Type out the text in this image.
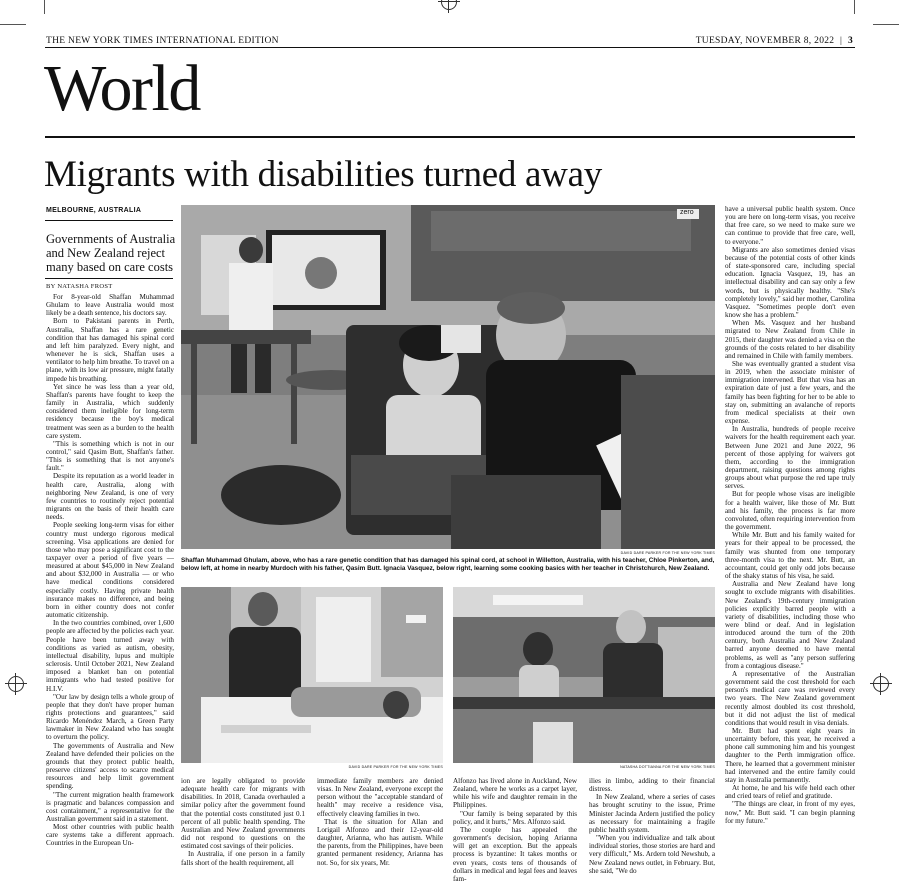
THE NEW YORK TIMES INTERNATIONAL EDITION	TUESDAY, NOVEMBER 8, 2022 | 3
World
Migrants with disabilities turned away
MELBOURNE, AUSTRALIA
Governments of Australia and New Zealand reject many based on care costs
BY NATASHA FROST

For 8-year-old Shaffan Muhammad Ghulam to leave Australia would most likely be a death sentence, his doctors say.

Born to Pakistani parents in Perth, Australia, Shaffan has a rare genetic condition that has damaged his spinal cord and left him paralyzed. Every night, and whenever he is sick, Shaffan uses a ventilator to help him breathe. To travel on a plane, with its low air pressure, might fatally impede his breathing.

Yet since he was less than a year old, Shaffan's parents have fought to keep the family in Australia, which suddenly considered them ineligible for long-term residency because the boy's medical treatment was seen as a burden to the health care system.

"This is something which is not in our control," said Qasim Butt, Shaffan's father. "This is something that is not anyone's fault."

Despite its reputation as a world leader in health care, Australia, along with neighboring New Zealand, is one of very few countries to routinely reject potential migrants on the basis of their health care needs.

People seeking long-term visas for either country must undergo rigorous medical screening. Visa applications are denied for those who may pose a significant cost to the taxpayer over a period of five years — measured at about $45,000 in New Zealand and about $32,000 in Australia — or who have medical conditions considered especially costly. Having private health insurance makes no difference, and being born in either country does not confer automatic citizenship.

In the two countries combined, over 1,600 people are affected by the policies each year. People have been turned away with conditions as varied as autism, obesity, intellectual disability, lupus and multiple sclerosis. Until October 2021, New Zealand imposed a blanket ban on potential immigrants who had tested positive for H.I.V.

"Our law by design tells a whole group of people that they don't have proper human rights protections and guarantees," said Ricardo Menéndez March, a Green Party lawmaker in New Zealand who has sought to overturn the policy.

The governments of Australia and New Zealand have defended their policies on the grounds that they protect public health, preserve citizens' access to scarce medical resources and help limit government spending.

"The current migration health framework is pragmatic and balances compassion and cost containment," a representative for the Australian government said in a statement.

Most other countries with public health care systems take a different approach. Countries in the European Un-

zero
DAVID DARE PARKER FOR THE NEW YORK TIMES
Shaffan Muhammad Ghulam, above, who has a rare genetic condition that has damaged his spinal cord, at school in Willetton, Australia, with his teacher, Chloe Pinkerton, and, below left, at home in nearby Murdoch with his father, Qasim Butt. Ignacia Vasquez, below right, learning some cooking basics with her teacher in Christchurch, New Zealand.
DAVID DARE PARKER FOR THE NEW YORK TIMES	NATASHA DOTTIANNA FOR THE NEW YORK TIMES

ion are legally obligated to provide adequate health care for migrants with disabilities. In 2018, Canada overhauled a similar policy after the government found that the potential costs constituted just 0.1 percent of all public health spending. The Australian and New Zealand governments did not respond to questions on the estimated cost savings of their policies.

In Australia, if one person in a family falls short of the health requirement, all

immediate family members are denied visas. In New Zealand, everyone except the person without the "acceptable standard of health" may receive a residence visa, effectively cleaving families in two.

That is the situation for Allan and Lorigail Alfonzo and their 12-year-old daughter, Arianna, who has autism. While the parents, from the Philippines, have been granted permanent residency, Arianna has not. So, for six years, Mr.

Alfonzo has lived alone in Auckland, New Zealand, where he works as a carpet layer, while his wife and daughter remain in the Philippines.

"Our family is being separated by this policy, and it hurts," Mrs. Alfonzo said.

The couple has appealed the government's decision, hoping Arianna will get an exception. But the appeals process is byzantine: It takes months or even years, costs tens of thousands of dollars in medical and legal fees and leaves fam-

ilies in limbo, adding to their financial distress.

In New Zealand, where a series of cases has brought scrutiny to the issue, Prime Minister Jacinda Ardern justified the policy as necessary for maintaining a fragile public health system.

"When you individualize and talk about individual stories, those stories are hard and very difficult," Ms. Ardern told Newshub, a New Zealand news outlet, in February. But, she said, "We do

have a universal public health system. Once you are here on long-term visas, you receive that free care, so we need to make sure we can continue to provide that free care, well, to everyone."

Migrants are also sometimes denied visas because of the potential costs of other kinds of state-sponsored care, including special education. Ignacia Vasquez, 19, has an intellectual disability and can say only a few words, but is physically healthy. "She's completely lovely," said her mother, Carolina Vasquez. "Sometimes people don't even know she has a problem."

When Ms. Vasquez and her husband migrated to New Zealand from Chile in 2015, their daughter was denied a visa on the grounds of the costs related to her disability and remained in Chile with family members.

She was eventually granted a student visa in 2019, when the associate minister of immigration intervened. But that visa has an expiration date of just a few years, and the family has been fighting for her to be able to stay on, submitting an avalanche of reports from medical specialists at their own expense.

In Australia, hundreds of people receive waivers for the health requirement each year. Between June 2021 and June 2022, 96 percent of those applying for waivers got them, according to the immigration department, raising questions among rights groups about what purpose the red tape truly serves.

But for people whose visas are ineligible for a health waiver, like those of Mr. Butt and his family, the process is far more convoluted, often requiring intervention from the government.

While Mr. Butt and his family waited for years for their appeal to be processed, the family was shunted from one temporary three-month visa to the next. Mr. Butt, an accountant, could get only odd jobs because of the shaky status of his visa, he said.

Australia and New Zealand have long sought to exclude migrants with disabilities. New Zealand's 19th-century immigration policies explicitly barred people with a variety of disabilities, including those who were blind or deaf. And in legislation introduced around the turn of the 20th century, both Australia and New Zealand barred anyone deemed to have mental problems, as well as "any person suffering from a contagious disease."

A representative of the Australian government said the cost threshold for each person's medical care was reviewed every two years. The New Zealand government recently almost doubled its cost threshold, but it did not adjust the list of medical conditions that would result in visa denials.

Mr. Butt had spent eight years in uncertainty before, this year, he received a phone call summoning him and his youngest daughter to the Perth immigration office. There, he learned that a government minister had intervened and the entire family could stay in Australia permanently.

At home, he and his wife held each other and cried tears of relief and gratitude.

"The things are clear, in front of my eyes, now," Mr. Butt said. "I can begin planning for my future."
